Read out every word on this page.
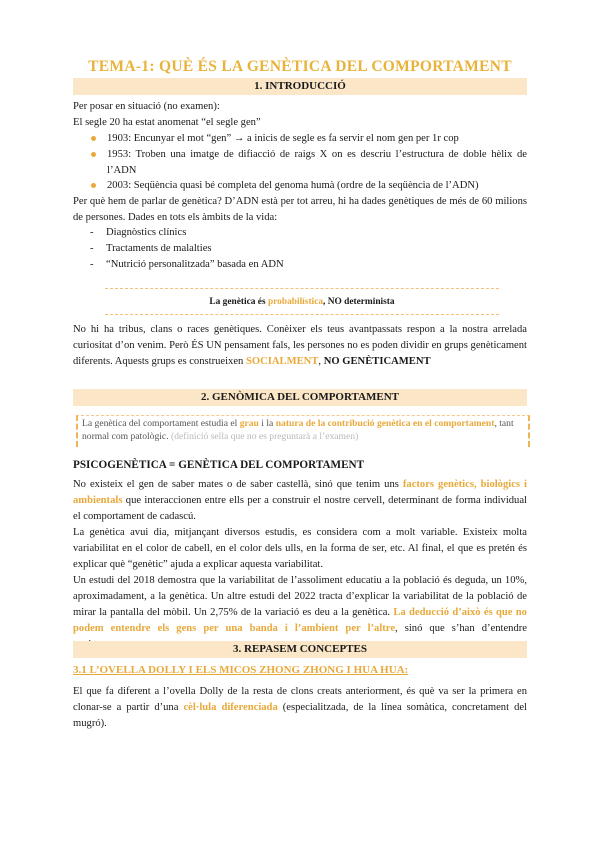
TEMA-1: QUÈ ÉS LA GENÈTICA DEL COMPORTAMENT
1. INTRODUCCIÓ
Per posar en situació (no examen):
El segle 20 ha estat anomenat “el segle gen”
1903: Encunyar el mot “gen” → a inicis de segle es fa servir el nom gen per 1r cop
1953: Troben una imatge de difiacció de raigs X on es descriu l’estructura de doble hèlix de l’ADN
2003: Seqüència quasi bé completa del genoma humà (ordre de la seqüència de l’ADN)
Per què hem de parlar de genètica? D’ADN està per tot arreu, hi ha dades genètiques de més de 60 milions de persones. Dades en tots els àmbits de la vida:
- Diagnòstics clínics
- Tractaments de malalties
- “Nutrició personalitzada” basada en ADN
La genètica és probabilística, NO determinista
No hi ha tribus, clans o races genètiques. Conèixer els teus avantpassats respon a la nostra arrelada curiositat d’on venim. Però ÉS UN pensament fals, les persones no es poden dividir en grups genèticament diferents. Aquests grups es construeixen SOCIALMENT, NO GENÈTICAMENT
2. GENÒMICA DEL COMPORTAMENT
La genètica del comportament estudia el grau i la natura de la contribució genètica en el comportament, tant normal com patològic. (definició sella que no es preguntarà a l’examen)
PSICOGENÈTICA = GENÈTICA DEL COMPORTAMENT
No existeix el gen de saber mates o de saber castellà, sinó que tenim uns factors genètics, biològics i ambientals que interaccionen entre ells per a construir el nostre cervell, determinant de forma individual el comportament de cadascú.
La genètica avui dia, mitjançant diversos estudis, es considera com a molt variable. Existeix molta variabilitat en el color de cabell, en el color dels ulls, en la forma de ser, etc. Al final, el que es pretén és explicar què “genètic” ajuda a explicar aquesta variabilitat.
Un estudi del 2018 demostra que la variabilitat de l’assoliment educatiu a la població és deguda, un 10%, aproximadament, a la genètica. Un altre estudi del 2022 tracta d’explicar la variabilitat de la població de mirar la pantalla del mòbil. Un 2,75% de la variació es deu a la genètica. La deducció d’això és que no podem entendre els gens per una banda i l’ambient per l’altre, sinó que s’han d’entendre
3. REPASEM CONCEPTES
3.1 L’OVELLA DOLLY I ELS MICOS ZHONG ZHONG I HUA HUA:
El que fa diferent a l’ovella Dolly de la resta de clons creats anteriorment, és què va ser la primera en clonar-se a partir d’una cèl·lula diferenciada (especialitzada, de la línea somàtica, concretament del mugró).
